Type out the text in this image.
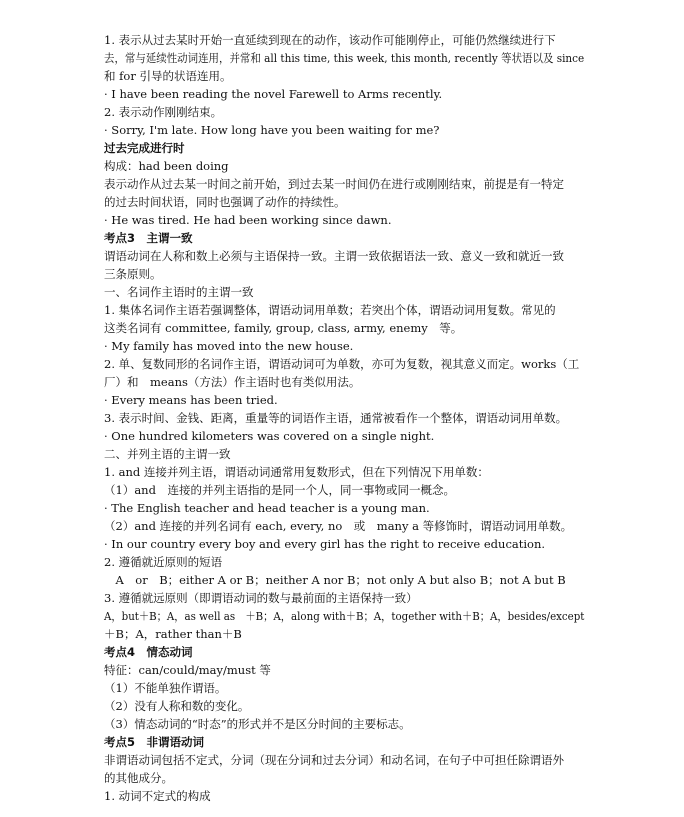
1. 表示从过去某时开始一直延续到现在的动作，该动作可能刚停止，可能仍然继续进行下
去，常与延续性动词连用，并常和 all this time, this week, this month, recently 等状语以及 since
和 for 引导的状语连用。
· I have been reading the novel Farewell to Arms recently.
2. 表示动作刚刚结束。
· Sorry, I'm late. How long have you been waiting for me?
过去完成进行时
构成：had been doing
表示动作从过去某一时间之前开始，到过去某一时间仍在进行或刚刚结束，前提是有一特定
的过去时间状语，同时也强调了动作的持续性。
· He was tired. He had been working since dawn.
考点3　主谓一致
谓语动词在人称和数上必须与主语保持一致。主谓一致依据语法一致、意义一致和就近一致
三条原则。
一、名词作主语时的主谓一致
1. 集体名词作主语若强调整体，谓语动词用单数；若突出个体，谓语动词用复数。常见的
这类名词有 committee, family, group, class, army, enemy　等。
· My family has moved into the new house.
2. 单、复数同形的名词作主语，谓语动词可为单数，亦可为复数，视其意义而定。works（工
厂）和　means（方法）作主语时也有类似用法。
· Every means has been tried.
3. 表示时间、金钱、距离，重量等的词语作主语，通常被看作一个整体，谓语动词用单数。
· One hundred kilometers was covered on a single night.
二、并列主语的主谓一致
1. and 连接并列主语，谓语动词通常用复数形式，但在下列情况下用单数：
（1）and　连接的并列主语指的是同一个人，同一事物或同一概念。
· The English teacher and head teacher is a young man.
（2）and 连接的并列名词有 each, every, no　或　many a 等修饰时，谓语动词用单数。
· In our country every boy and every girl has the right to receive education.
2. 遵循就近原则的短语
　A　or　B；either A or B；neither A nor B；not only A but also B；not A but B
3. 遵循就远原则（即谓语动词的数与最前面的主语保持一致）
A，but＋B；A，as well as　＋B；A，along with＋B；A，together with＋B；A，besides/except
＋B；A，rather than＋B
考点4　情态动词
特征：can/could/may/must 等
（1）不能单独作谓语。
（2）没有人称和数的变化。
（3）情态动词的“时态”的形式并不是区分时间的主要标志。
考点5　非谓语动词
非谓语动词包括不定式，分词（现在分词和过去分词）和动名词，在句子中可担任除谓语外
的其他成分。
1. 动词不定式的构成
